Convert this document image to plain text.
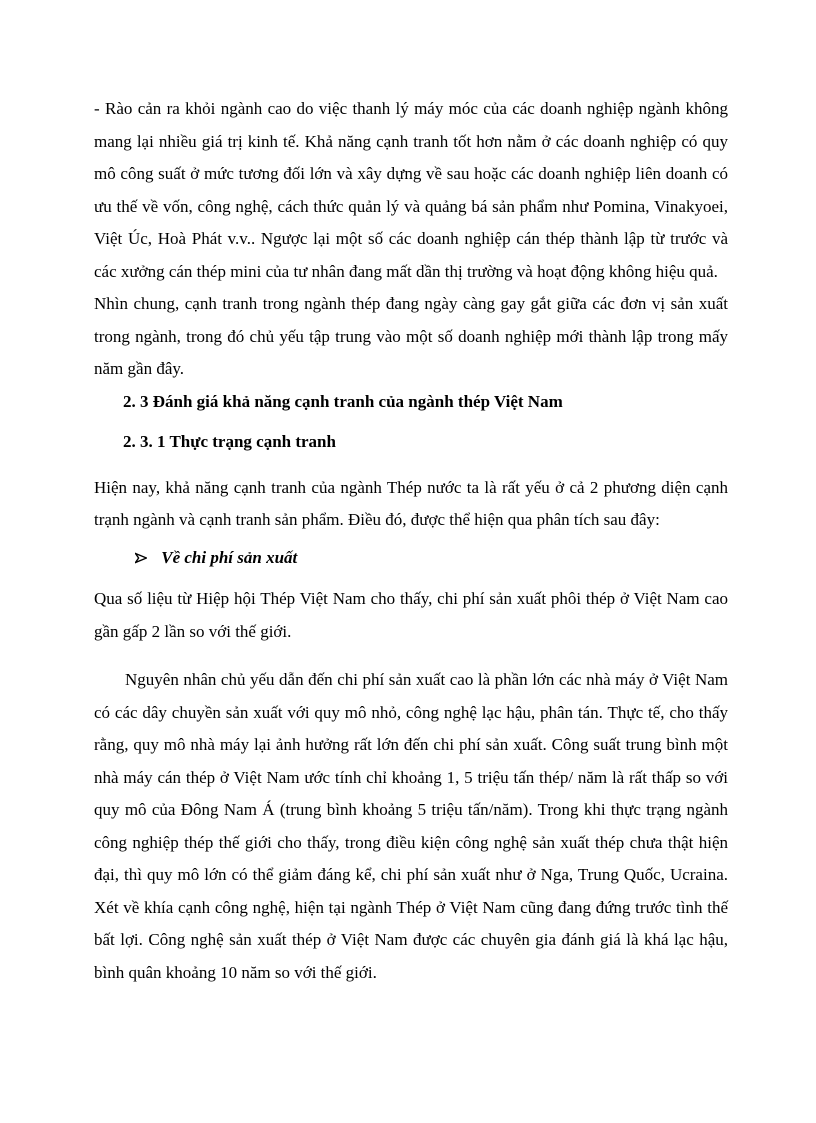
- Rào cản ra khỏi ngành cao do việc thanh lý máy móc của các doanh nghiệp ngành không mang lại nhiều giá trị kinh tế. Khả năng cạnh tranh tốt hơn nằm ở các doanh nghiệp có quy mô công suất ở mức tương đối lớn và xây dựng về sau hoặc các doanh nghiệp liên doanh có ưu thế về vốn, công nghệ, cách thức quản lý và quảng bá sản phẩm như Pomina, Vinakyoei, Việt Úc, Hoà Phát v.v.. Ngược lại một số các doanh nghiệp cán thép thành lập từ trước và các xưởng cán thép mini của tư nhân đang mất dần thị trường và hoạt động không hiệu quả.

Nhìn chung, cạnh tranh trong ngành thép đang ngày càng gay gắt giữa các đơn vị sản xuất trong ngành, trong đó chủ yếu tập trung vào một số doanh nghiệp mới thành lập trong mấy năm gần đây.

2. 3 Đánh giá khả năng cạnh tranh của ngành thép Việt Nam
2. 3. 1 Thực trạng cạnh tranh

Hiện nay, khả năng cạnh tranh của ngành Thép nước ta là rất yếu ở cả 2 phương diện cạnh trạnh ngành và cạnh tranh sản phẩm. Điều đó, được thể hiện qua phân tích sau đây:

Về chi phí sản xuất

Qua số liệu từ Hiệp hội Thép Việt Nam cho thấy, chi phí sản xuất phôi thép ở Việt Nam cao gần gấp 2 lần so với thế giới.

Nguyên nhân chủ yếu dẫn đến chi phí sản xuất cao là phần lớn các nhà máy ở Việt Nam có các dây chuyền sản xuất với quy mô nhỏ, công nghệ lạc hậu, phân tán. Thực tế, cho thấy rằng, quy mô nhà máy lại ảnh hưởng rất lớn đến chi phí sản xuất. Công suất trung bình một nhà máy cán thép ở Việt Nam ước tính chỉ khoảng 1, 5 triệu tấn thép/ năm là rất thấp so với quy mô của Đông Nam Á (trung bình khoảng 5 triệu tấn/năm). Trong khi thực trạng ngành công nghiệp thép thế giới cho thấy, trong điều kiện công nghệ sản xuất thép chưa thật hiện đại, thì quy mô lớn có thể giảm đáng kể, chi phí sản xuất như ở Nga, Trung Quốc, Ucraina. Xét về khía cạnh công nghệ, hiện tại ngành Thép ở Việt Nam cũng đang đứng trước tình thế bất lợi. Công nghệ sản xuất thép ở Việt Nam được các chuyên gia đánh giá là khá lạc hậu, bình quân khoảng 10 năm so với thế giới.
